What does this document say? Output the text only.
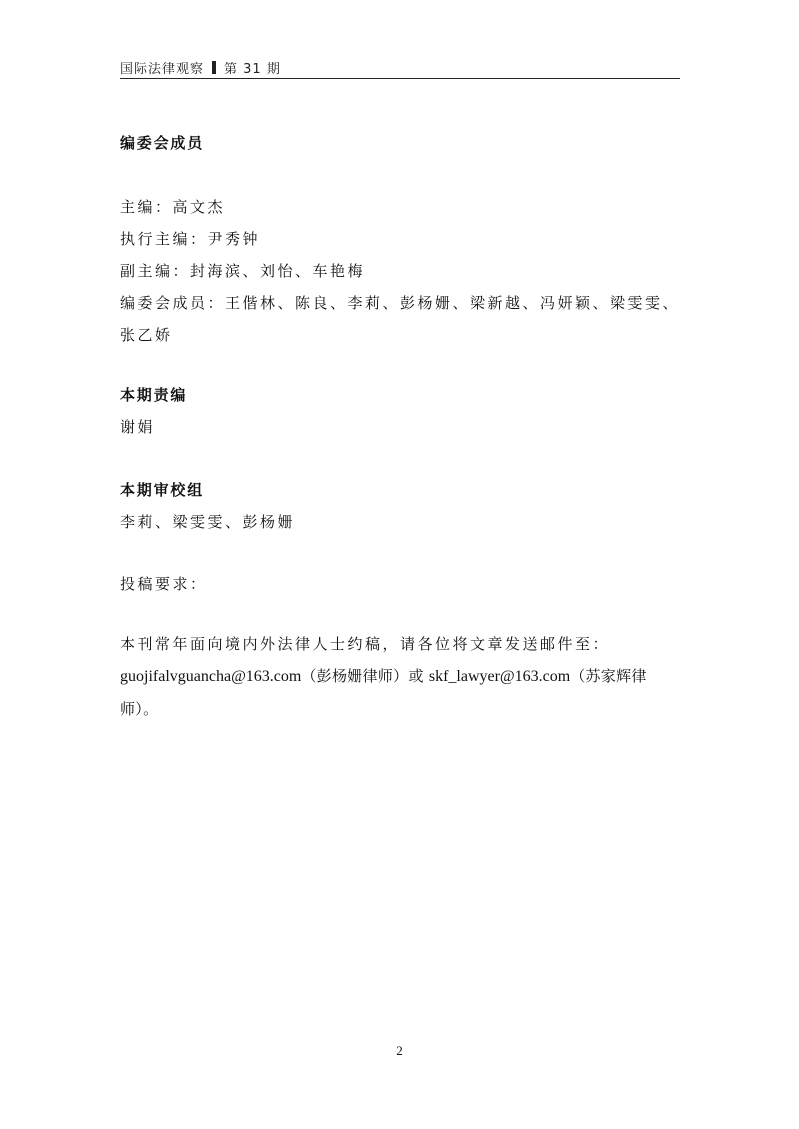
国际法律观察 第 31 期
编委会成员
主编：高文杰
执行主编：尹秀钟
副主编：封海滨、刘怡、车艳梅
编委会成员：王偕林、陈良、李莉、彭杨姗、梁新越、冯妍颖、梁雯雯、张乙娇
本期责编
谢娟
本期审校组
李莉、梁雯雯、彭杨姗
投稿要求：
本刊常年面向境内外法律人士约稿，请各位将文章发送邮件至：
guojifalvguancha@163.com（彭杨姗律师）或 skf_lawyer@163.com（苏家辉律师）。
2
